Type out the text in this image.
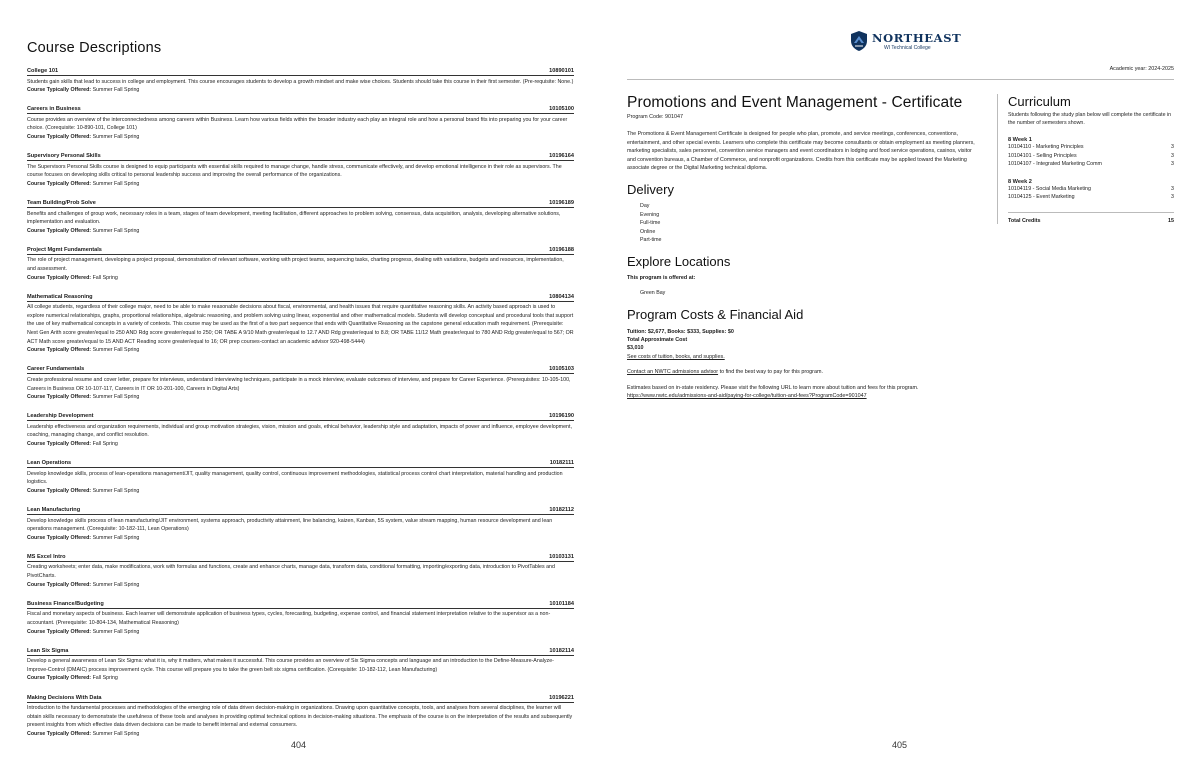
Course Descriptions
College 101	10890101
Students gain skills that lead to success in college and employment. This course encourages students to develop a growth mindset and make wise choices. Students should take this course in their first semester. (Pre-requisite: None.)
Course Typically Offered: Summer Fall Spring
Careers in Business	10105100
Course provides an overview of the interconnectedness among careers within Business. Learn how various fields within the broader industry each play an integral role and how a personal brand fits into preparing you for your career choice. (Corequisite: 10-890-101, College 101)
Course Typically Offered: Summer Fall Spring
Supervisory Personal Skills	10196164
The Supervisors Personal Skills course is designed to equip participants with essential skills required to manage change, handle stress, communicate effectively, and develop emotional intelligence in their role as supervisors. The course focuses on developing skills critical to personal leadership success and improving the overall performance of the organizations.
Course Typically Offered: Summer Fall Spring
Team Building/Prob Solve	10196189
Benefits and challenges of group work, necessary roles in a team, stages of team development, meeting facilitation, different approaches to problem solving, consensus, data acquisition, analysis, developing alternative solutions, implementation and evaluation.
Course Typically Offered: Summer Fall Spring
Project Mgmt Fundamentals	10196188
The role of project management, developing a project proposal, demonstration of relevant software, working with project teams, sequencing tasks, charting progress, dealing with variations, budgets and resources, implementation, and assessment.
Course Typically Offered: Fall Spring
Mathematical Reasoning	10804134
All college students, regardless of their college major, need to be able to make reasonable decisions about fiscal, environmental, and health issues that require quantitative reasoning skills. An activity based approach is used to explore numerical relationships, graphs, proportional relationships, algebraic reasoning, and problem solving using linear, exponential and other mathematical models. Students will develop conceptual and procedural tools that support the use of key mathematical concepts in a variety of contexts. This course may be used as the first of a two part sequence that ends with Quantitative Reasoning as the capstone general education math requirement. (Prerequisite: Next Gen Arith score greater/equal to 250 AND Rdg score greater/equal to 250; OR TABE A 9/10 Math greater/equal to 12.7 AND Rdg greater/equal to 8.8; OR TABE 11/12 Math greater/equal to 780 AND Rdg greater/equal to 567; OR ACT Math score greater/equal to 15 AND ACT Reading score greater/equal to 16; OR prep courses-contact an academic advisor 920-498-5444)
Course Typically Offered: Summer Fall Spring
Career Fundamentals	10105103
Create professional resume and cover letter, prepare for interviews, understand interviewing techniques, participate in a mock interview, evaluate outcomes of interview, and prepare for Career Experience. (Prerequisites: 10-105-100, Careers in Business OR 10-107-117, Careers in IT OR 10-201-100, Careers in Digital Arts)
Course Typically Offered: Summer Fall Spring
Leadership Development	10196190
Leadership effectiveness and organization requirements, individual and group motivation strategies, vision, mission and goals, ethical behavior, leadership style and adaptation, impacts of power and influence, employee development, coaching, managing change, and conflict resolution.
Course Typically Offered: Fall Spring
Lean Operations	10182111
Develop knowledge skills, process of lean-operations management/JIT, quality management, quality control, continuous improvement methodologies, statistical process control chart interpretation, material handling and production logistics.
Course Typically Offered: Summer Fall Spring
Lean Manufacturing	10182112
Develop knowledge skills process of lean manufacturing/JIT environment, systems approach, productivity attainment, line balancing, kaizen, Kanban, 5S system, value stream mapping, human resource development and lean operations management. (Corequisite: 10-182-111, Lean Operations)
Course Typically Offered: Summer Fall Spring
MS Excel Intro	10103131
Creating worksheets; enter data, make modifications, work with formulas and functions, create and enhance charts, manage data, transform data, conditional formatting, importing/exporting data, introduction to PivotTables and PivotCharts.
Course Typically Offered: Summer Fall Spring
Business Finance/Budgeting	10101184
Fiscal and monetary aspects of business. Each learner will demonstrate application of business types, cycles, forecasting, budgeting, expense control, and financial statement interpretation relative to the supervisor as a non-accountant. (Prerequisite: 10-804-134, Mathematical Reasoning)
Course Typically Offered: Summer Fall Spring
Lean Six Sigma	10182114
Develop a general awareness of Lean Six Sigma: what it is, why it matters, what makes it successful. This course provides an overview of Six Sigma concepts and language and an introduction to the Define-Measure-Analyze-Improve-Control (DMAIC) process improvement cycle. This course will prepare you to take the green belt six sigma certification. (Corequisite: 10-182-112, Lean Manufacturing)
Course Typically Offered: Fall Spring
Making Decisions With Data	10196221
Introduction to the fundamental processes and methodologies of the emerging role of data driven decision-making in organizations. Drawing upon quantitative concepts, tools, and analyses from several disciplines, the learner will obtain skills necessary to demonstrate the usefulness of these tools and analyses in providing optimal technical options in decision-making situations. The emphasis of the course is on the interpretation of the results and subsequently present insights from which effective data driven decisions can be made to benefit internal and external consumers.
Course Typically Offered: Summer Fall Spring
404
NORTHEAST
WI Technical College
Academic year: 2024-2025
Promotions and Event Management - Certificate
Program Code: 901047
The Promotions & Event Management Certificate is designed for people who plan, promote, and service meetings, conferences, conventions, entertainment, and other special events. Learners who complete this certificate may become consultants or obtain employment as meeting planners, marketing specialists, sales personnel, convention service managers and event coordinators in lodging and food service operations, casinos, visitor and convention bureaus, a Chamber of Commerce, and nonprofit organizations. Credits from this certificate may be applied toward the Marketing associate degree or the Digital Marketing technical diploma.
Delivery
Day
Evening
Full-time
Online
Part-time
Explore Locations
This program is offered at:
Green Bay
Program Costs & Financial Aid
Tuition: $2,677, Books: $333, Supplies: $0
Total Approximate Cost
$3,010
See costs of tuition, books, and supplies.
Contact an NWTC admissions advisor to find the best way to pay for this program.
Estimates based on in-state residency. Please visit the following URL to learn more about tuition and fees for this program.
https://www.nwtc.edu/admissions-and-aid/paying-for-college/tuition-and-fees?ProgramCode=901047
Curriculum
Students following the study plan below will complete the certificate in the number of semesters shown.
8 Week 1
10104110 - Marketing Principles	3
10104101 - Selling Principles	3
10104107 - Integrated Marketing Comm	3
8 Week 2
10104119 - Social Media Marketing	3
10104125 - Event Marketing	3
Total Credits	15
405
